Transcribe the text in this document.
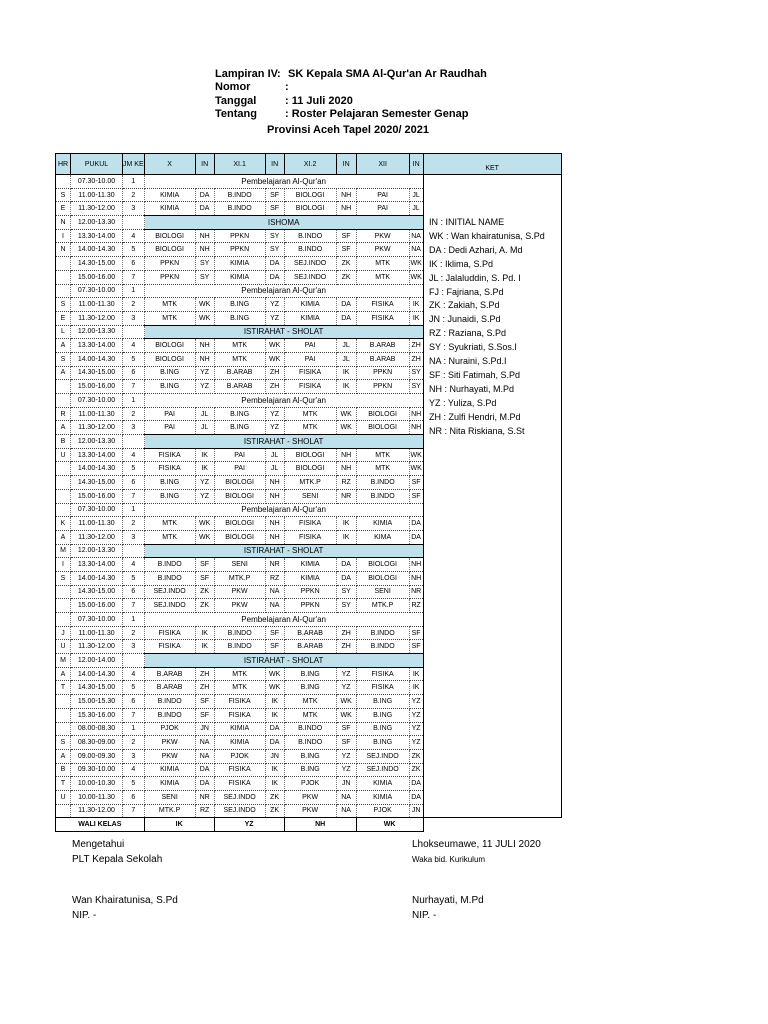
Lampiran IV : SK Kepala SMA Al-Qur'an Ar Raudhah
Nomor	:
Tanggal	: 11 Juli 2020
Tentang	: Roster Pelajaran Semester Genap
Provinsi Aceh Tapel 2020/ 2021
HR	PUKUL	JM KE	X	IN	XI.1	IN	XI.2	IN	XII	IN	KET
	07.30-10.00	1	Pembelajaran Al-Qur'an								
S	11.00-11.30	2	KIMIA	DA	B.INDO	SF	BIOLOGI	NH	PAI	JL	
E	11.30-12.00	3	KIMIA	DA	B.INDO	SF	BIOLOGI	NH	PAI	JL	
N	12.00-13.30		ISHOMA								
I	13.30-14.00	4	BIOLOGI	NH	PPKN	SY	B.INDO	SF	PKW	NA	
N	14.00-14.30	5	BIOLOGI	NH	PPKN	SY	B.INDO	SF	PKW	NA	
	14.30-15.00	6	PPKN	SY	KIMIA	DA	SEJ.INDO	ZK	MTK	WK	
	15.00-16.00	7	PPKN	SY	KIMIA	DA	SEJ.INDO	ZK	MTK	WK	
	07.30-10.00	1	Pembelajaran Al-Qur'an								
S	11.00-11.30	2	MTK	WK	B.ING	YZ	KIMIA	DA	FISIKA	IK	
E	11.30-12.00	3	MTK	WK	B.ING	YZ	KIMIA	DA	FISIKA	IK	
L	12.00-13.30		ISTIRAHAT - SHOLAT								
A	13.30-14.00	4	BIOLOGI	NH	MTK	WK	PAI	JL	B.ARAB	ZH	
S	14.00-14.30	5	BIOLOGI	NH	MTK	WK	PAI	JL	B.ARAB	ZH	
A	14.30-15.00	6	B.ING	YZ	B.ARAB	ZH	FISIKA	IK	PPKN	SY	
	15.00-16.00	7	B.ING	YZ	B.ARAB	ZH	FISIKA	IK	PPKN	SY	
	07.30-10.00	1	Pembelajaran Al-Qur'an								
R	11.00-11.30	2	PAI	JL	B.ING	YZ	MTK	WK	BIOLOGI	NH	
A	11.30-12.00	3	PAI	JL	B.ING	YZ	MTK	WK	BIOLOGI	NH	
B	12.00-13.30		ISTIRAHAT - SHOLAT								
U	13.30-14.00	4	FISIKA	IK	PAI	JL	BIOLOGI	NH	MTK	WK	
	14.00-14.30	5	FISIKA	IK	PAI	JL	BIOLOGI	NH	MTK	WK	
	14.30-15.00	6	B.ING	YZ	BIOLOGI	NH	MTK.P	RZ	B.INDO	SF	
	15.00-16.00	7	B.ING	YZ	BIOLOGI	NH	SENI	NR	B.INDO	SF	
	07.30-10.00	1	Pembelajaran Al-Qur'an								
K	11.00-11.30	2	MTK	WK	BIOLOGI	NH	FISIKA	IK	KIMIA	DA	
A	11.30-12.00	3	MTK	WK	BIOLOGI	NH	FISIKA	IK	KIMA	DA	
M	12.00-13.30		ISTIRAHAT - SHOLAT								
I	13.30-14.00	4	B.INDO	SF	SENI	NR	KIMIA	DA	BIOLOGI	NH	
S	14.00-14.30	5	B.INDO	SF	MTK.P	RZ	KIMIA	DA	BIOLOGI	NH	
	14.30-15.00	6	SEJ.INDO	ZK	PKW	NA	PPKN	SY	SENI	NR	
	15.00-16.00	7	SEJ.INDO	ZK	PKW	NA	PPKN	SY	MTK.P	RZ	
	07.30-10.00	1	Pembelajaran Al-Qur'an								
J	11.00-11.30	2	FISIKA	IK	B.INDO	SF	B.ARAB	ZH	B.INDO	SF	
U	11.30-12.00	3	FISIKA	IK	B.INDO	SF	B.ARAB	ZH	B.INDO	SF	
M	12.00-14.00		ISTIRAHAT - SHOLAT								
A	14.00-14.30	4	B.ARAB	ZH	MTK	WK	B.ING	YZ	FISIKA	IK	
T	14.30-15.00	5	B.ARAB	ZH	MTK	WK	B.ING	YZ	FISIKA	IK	
	15.00-15.30	6	B.INDO	SF	FISIKA	IK	MTK	WK	B.ING	YZ	
	15.30-16.00	7	B.INDO	SF	FISIKA	IK	MTK	WK	B.ING	YZ	
	08.00-08.30	1	PJOK	JN	KIMIA	DA	B.INDO	SF	B.ING	YZ	
S	08.30-09.00	2	PKW	NA	KIMIA	DA	B.INDO	SF	B.ING	YZ	
A	09.00-09.30	3	PKW	NA	PJOK	JN	B.ING	YZ	SEJ.INDO	ZK	
B	09.30-10.00	4	KIMIA	DA	FISIKA	IK	B.ING	YZ	SEJ.INDO	ZK	
T	10.00-10.30	5	KIMIA	DA	FISIKA	IK	PJOK	JN	KIMIA	DA	
U	10.00-11.30	6	SENI	NR	SEJ.INDO	ZK	PKW	NA	KIMIA	DA	
	11.30-12.00	7	MTK.P	RZ	SEJ.INDO	ZK	PKW	NA	PJOK	JN	
WALI KELAS			IK		YZ		NH		WK		
IN : INITIAL NAME
WK : Wan khairatunisa, S.Pd
DA : Dedi Azhari, A. Md
IK : Iklima, S.Pd
JL : Jalaluddin, S. Pd. I
FJ : Fajriana, S.Pd
ZK : Zakiah, S.Pd
JN : Junaidi, S.Pd
RZ : Raziana, S.Pd
SY : Syukriati, S.Sos.I
NA : Nuraini, S.Pd.I
SF : Siti Fatimah, S.Pd
NH : Nurhayati, M.Pd
YZ : Yuliza, S.Pd
ZH : Zulfi Hendri, M.Pd
NR : Nita Riskiana, S.St
Mengetahui
PLT Kepala Sekolah
Wan Khairatunisa, S.Pd
NIP. -
Lhokseumawe, 11 JULI 2020
Waka bid. Kurikulum
Nurhayati, M.Pd
NIP. -
